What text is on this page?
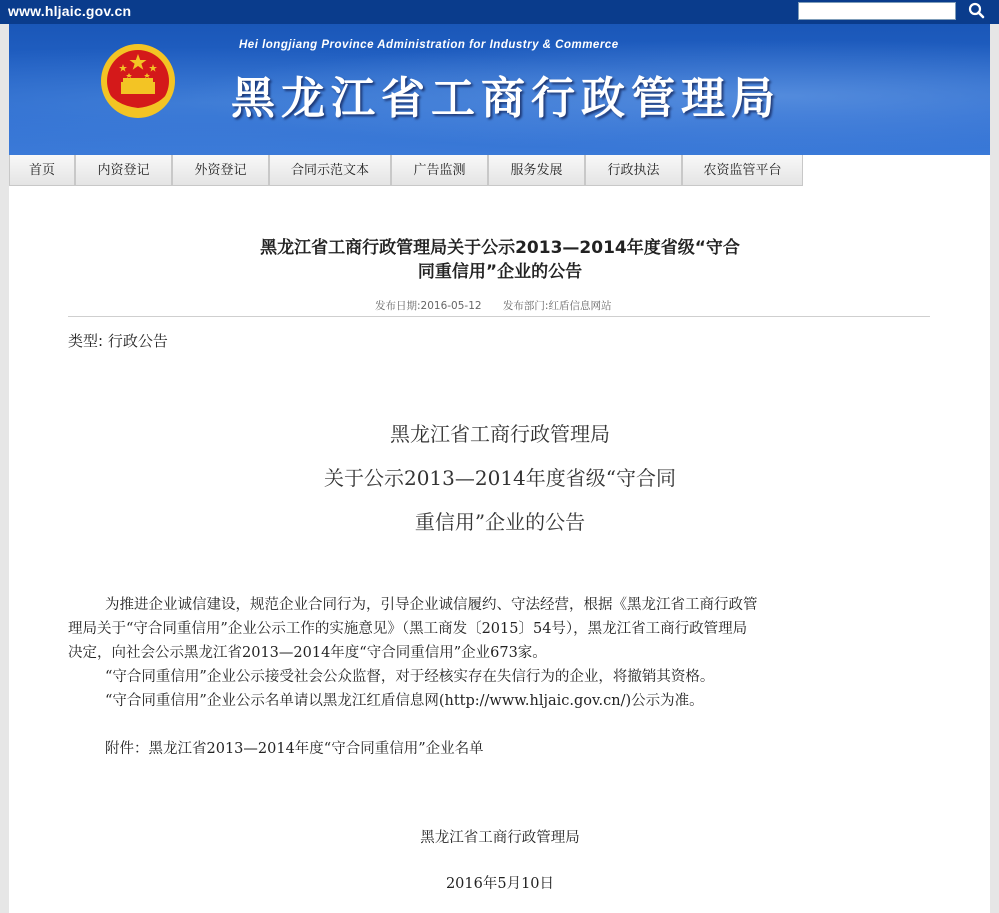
www.hljaic.gov.cn
Hei longjiang Province Administration for Industry & Commerce
黑龙江省工商行政管理局
首页	内资登记	外资登记	合同示范文本	广告监测	服务发展	行政执法	农资监管平台
黑龙江省工商行政管理局关于公示2013—2014年度省级“守合
同重信用”企业的公告
发布日期:2016-05-12 发布部门:红盾信息网站
类型: 行政公告
黑龙江省工商行政管理局
关于公示2013—2014年度省级“守合同
重信用”企业的公告

为推进企业诚信建设，规范企业合同行为，引导企业诚信履约、守法经营，根据《黑龙江省工商行政管

理局关于“守合同重信用”企业公示工作的实施意见》（黑工商发〔2015〕54号），黑龙江省工商行政管理局

决定，向社会公示黑龙江省2013—2014年度“守合同重信用”企业673家。

“守合同重信用”企业公示接受社会公众监督，对于经核实存在失信行为的企业，将撤销其资格。

“守合同重信用”企业公示名单请以黑龙江红盾信息网(http://www.hljaic.gov.cn/)公示为准。

附件：黑龙江省2013—2014年度“守合同重信用”企业名单
黑龙江省工商行政管理局
2016年5月10日
